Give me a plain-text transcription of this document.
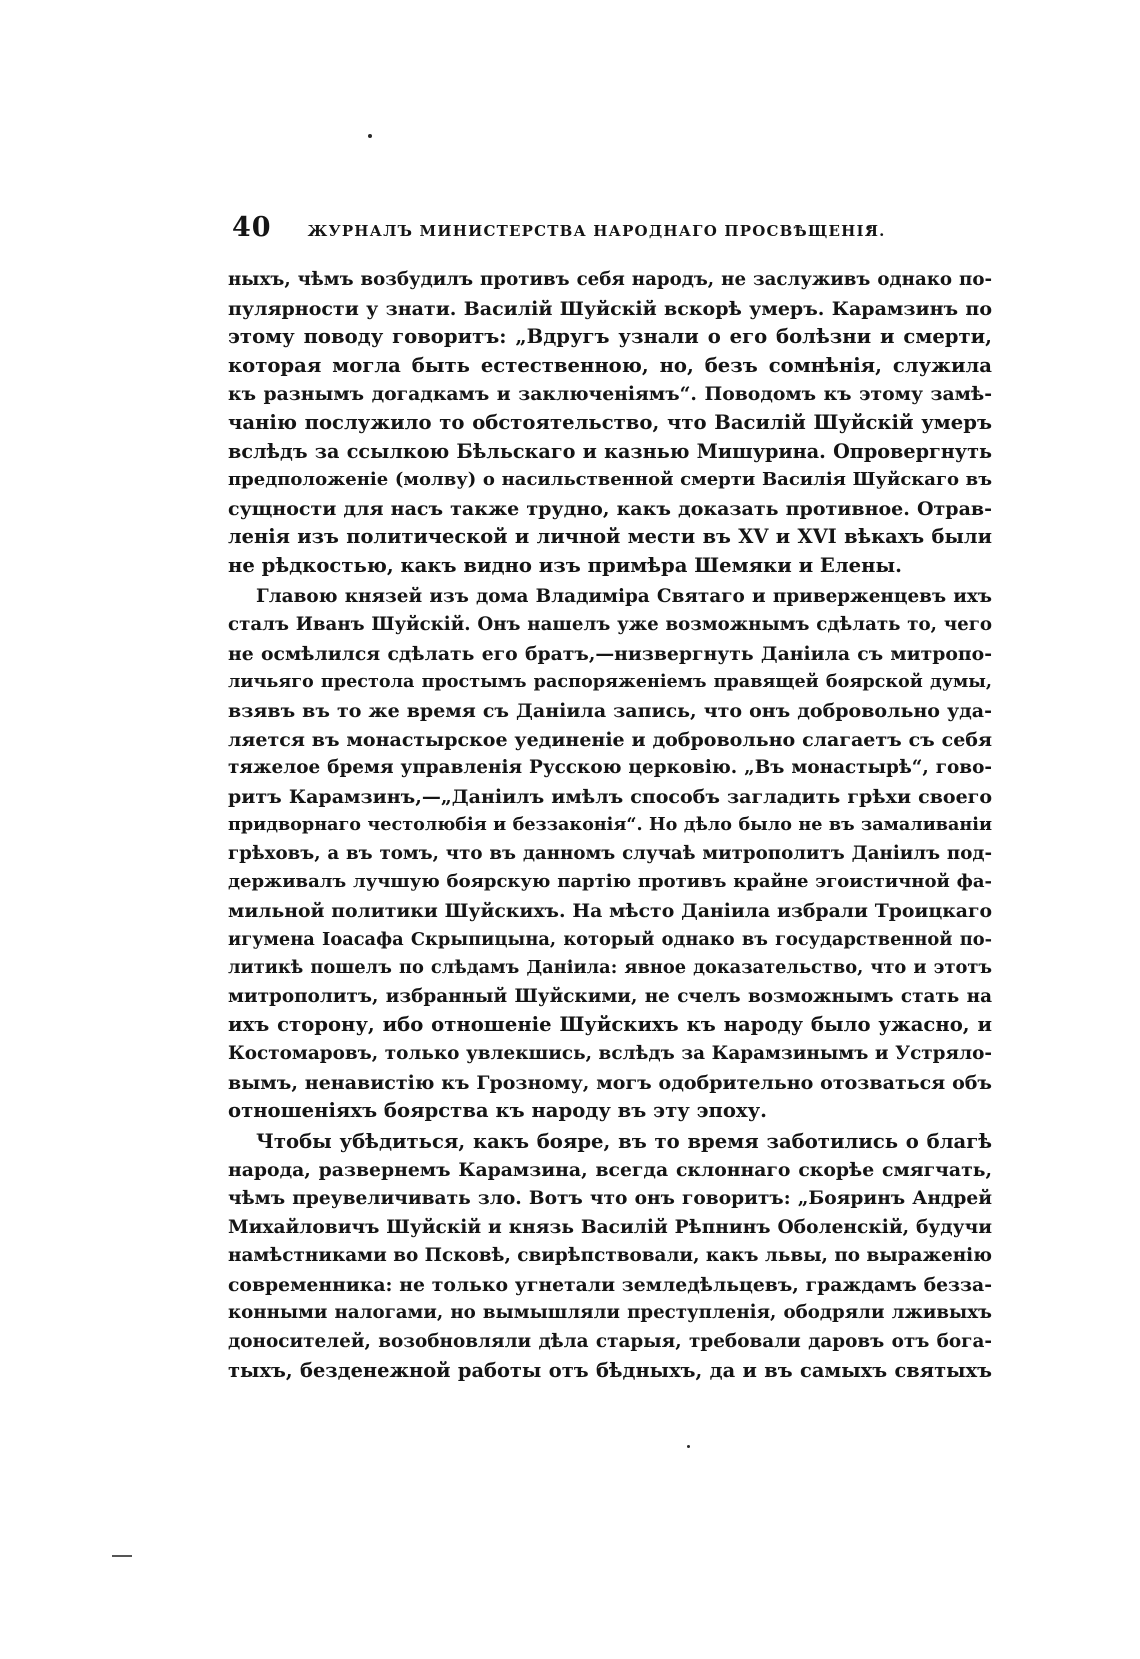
40 ЖУРНАЛЪ МИНИСТЕРСТВА НАРОДНАГО ПРОСВѢЩЕНІЯ.
ныхъ, чѣмъ возбудилъ противъ себя народъ, не заслуживъ однако по-
пулярности у знати. Василій Шуйскій вскорѣ умеръ. Карамзинъ по
этому поводу говоритъ: „Вдругъ узнали о его болѣзни и смерти,
которая могла быть естественною, но, безъ сомнѣнія, служила
къ разнымъ догадкамъ и заключеніямъ“. Поводомъ къ этому замѣ-
чанію послужило то обстоятельство, что Василій Шуйскій умеръ
вслѣдъ за ссылкою Бѣльскаго и казнью Мишурина. Опровергнуть
предположеніе (молву) о насильственной смерти Василія Шуйскаго въ
сущности для насъ также трудно, какъ доказать противное. Отрав-
ленія изъ политической и личной мести въ XV и XVI вѣкахъ были
не рѣдкостью, какъ видно изъ примѣра Шемяки и Елены.
Главою князей изъ дома Владиміра Святаго и приверженцевъ ихъ
сталъ Иванъ Шуйскій. Онъ нашелъ уже возможнымъ сдѣлать то, чего
не осмѣлился сдѣлать его братъ,—низвергнуть Даніила съ митропо-
личьяго престола простымъ распоряженіемъ правящей боярской думы,
взявъ въ то же время съ Даніила запись, что онъ добровольно уда-
ляется въ монастырское уединеніе и добровольно слагаетъ съ себя
тяжелое бремя управленія Русскою церковію. „Въ монастырѣ“, гово-
ритъ Карамзинъ,—„Даніилъ имѣлъ способъ загладить грѣхи своего
придворнаго честолюбія и беззаконія“. Но дѣло было не въ замаливаніи
грѣховъ, а въ томъ, что въ данномъ случаѣ митрополитъ Даніилъ под-
держивалъ лучшую боярскую партію противъ крайне эгоистичной фа-
мильной политики Шуйскихъ. На мѣсто Даніила избрали Троицкаго
игумена Іоасафа Скрыпицына, который однако въ государственной по-
литикѣ пошелъ по слѣдамъ Даніила: явное доказательство, что и этотъ
митрополитъ, избранный Шуйскими, не счелъ возможнымъ стать на
ихъ сторону, ибо отношеніе Шуйскихъ къ народу было ужасно, и
Костомаровъ, только увлекшись, вслѣдъ за Карамзинымъ и Устряло-
вымъ, ненавистію къ Грозному, могъ одобрительно отозваться объ
отношеніяхъ боярства къ народу въ эту эпоху.
Чтобы убѣдиться, какъ бояре, въ то время заботились о благѣ
народа, развернемъ Карамзина, всегда склоннаго скорѣе смягчать,
чѣмъ преувеличивать зло. Вотъ что онъ говоритъ: „Бояринъ Андрей
Михайловичъ Шуйскій и князь Василій Рѣпнинъ Оболенскій, будучи
намѣстниками во Псковѣ, свирѣпствовали, какъ львы, по выраженію
современника: не только угнетали земледѣльцевъ, граждамъ безза-
конными налогами, но вымышляли преступленія, ободряли лживыхъ
доносителей, возобновляли дѣла старыя, требовали даровъ отъ бога-
тыхъ, безденежной работы отъ бѣдныхъ, да и въ самыхъ святыхъ
